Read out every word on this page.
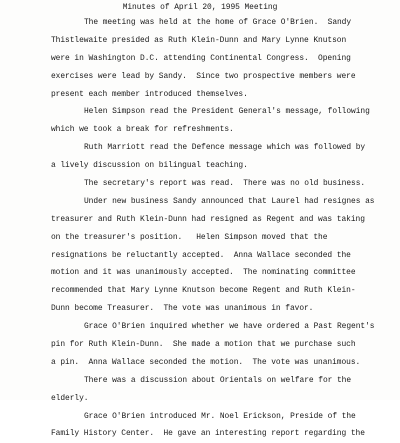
Minutes of April 20, 1995 Meeting
The meeting was held at the home of Grace O'Brien.  Sandy
Thistlewaite presided as Ruth Klein-Dunn and Mary Lynne Knutson
were in Washington D.C. attending Continental Congress.  Opening
exercises were lead by Sandy.  Since two prospective members were
present each member introduced themselves.
Helen Simpson read the President General's message, following
which we took a break for refreshments.
Ruth Marriott read the Defence message which was followed by
a lively discussion on bilingual teaching.
The secretary's report was read.  There was no old business.
Under new business Sandy announced that Laurel had resignes as
treasurer and Ruth Klein-Dunn had resigned as Regent and was taking
on the treasurer's position.   Helen Simpson moved that the
resignations be reluctantly accepted.  Anna Wallace seconded the
motion and it was unanimously accepted.  The nominating committee
recommended that Mary Lynne Knutson become Regent and Ruth Klein-
Dunn become Treasurer.  The vote was unanimous in favor.
Grace O'Brien inquired whether we have ordered a Past Regent's
pin for Ruth Klein-Dunn.  She made a motion that we purchase such
a pin.  Anna Wallace seconded the motion.  The vote was unanimous.
There was a discussion about Orientals on welfare for the
elderly.
Grace O'Brien introduced Mr. Noel Erickson, Preside of the
Family History Center.  He gave an interesting report regarding the
